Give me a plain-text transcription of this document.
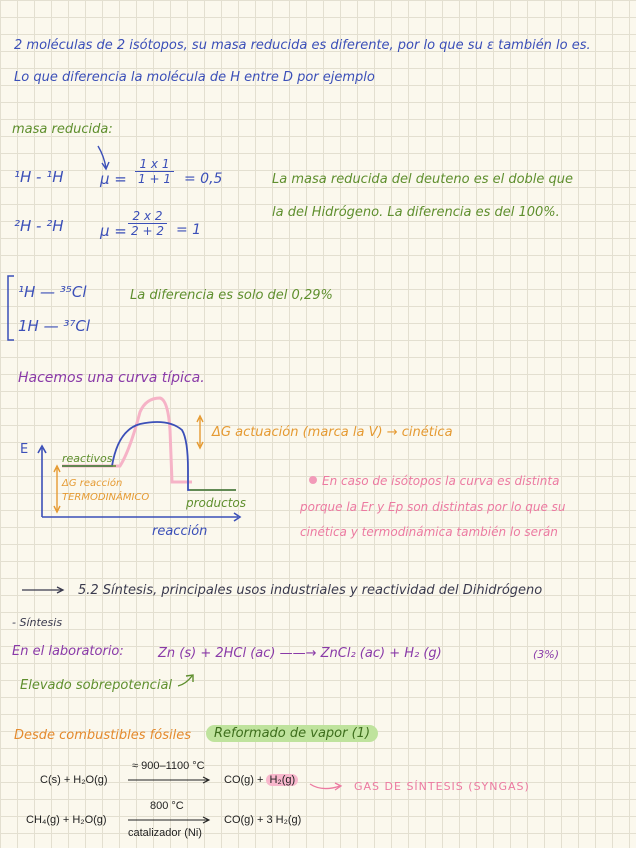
2 moléculas de 2 isótopos, su masa reducida es diferente, por lo que su ε también lo es.
Lo que diferencia la molécula de H entre D por ejemplo
masa reducida:
¹H - ¹H $\mu = \frac{1 x 1}{1 + 1} = 0,5$
²H - ²H $\mu = \frac{2 x 2}{2 + 2} = 1$
La masa reducida del deuteno es el doble que
la del Hidrógeno. La diferencia es del 100%.
¹H — ³⁵Cl
1H — ³⁷Cl
La diferencia es solo del 0,29%
Hacemos una curva típica.
E
reacción
reactivos
productos
ΔG reacción
TERMODINÁMICO
ΔG actuación (marca la V) → cinética
En caso de isótopos la curva es distinta
porque la Er y Ep son distintas por lo que su
cinética y termodinámica también lo serán
5.2 Síntesis, principales usos industriales y reactividad del Dihidrógeno
- Síntesis
En el laboratorio:	Zn (s) + 2HCl (ac) ——→ ZnCl₂ (ac) + H₂ (g)	(3%)
Elevado sobrepotencial
Desde combustibles fósiles	Reformado de vapor (1)
C(s) + H₂O(g)
≈ 900–1100 °C
CO(g) + H₂(g)	GAS DE SÍNTESIS (SYNGAS)
CH₄(g) + H₂O(g)
800 °C
catalizador (Ni)
CO(g) + 3 H₂(g)
